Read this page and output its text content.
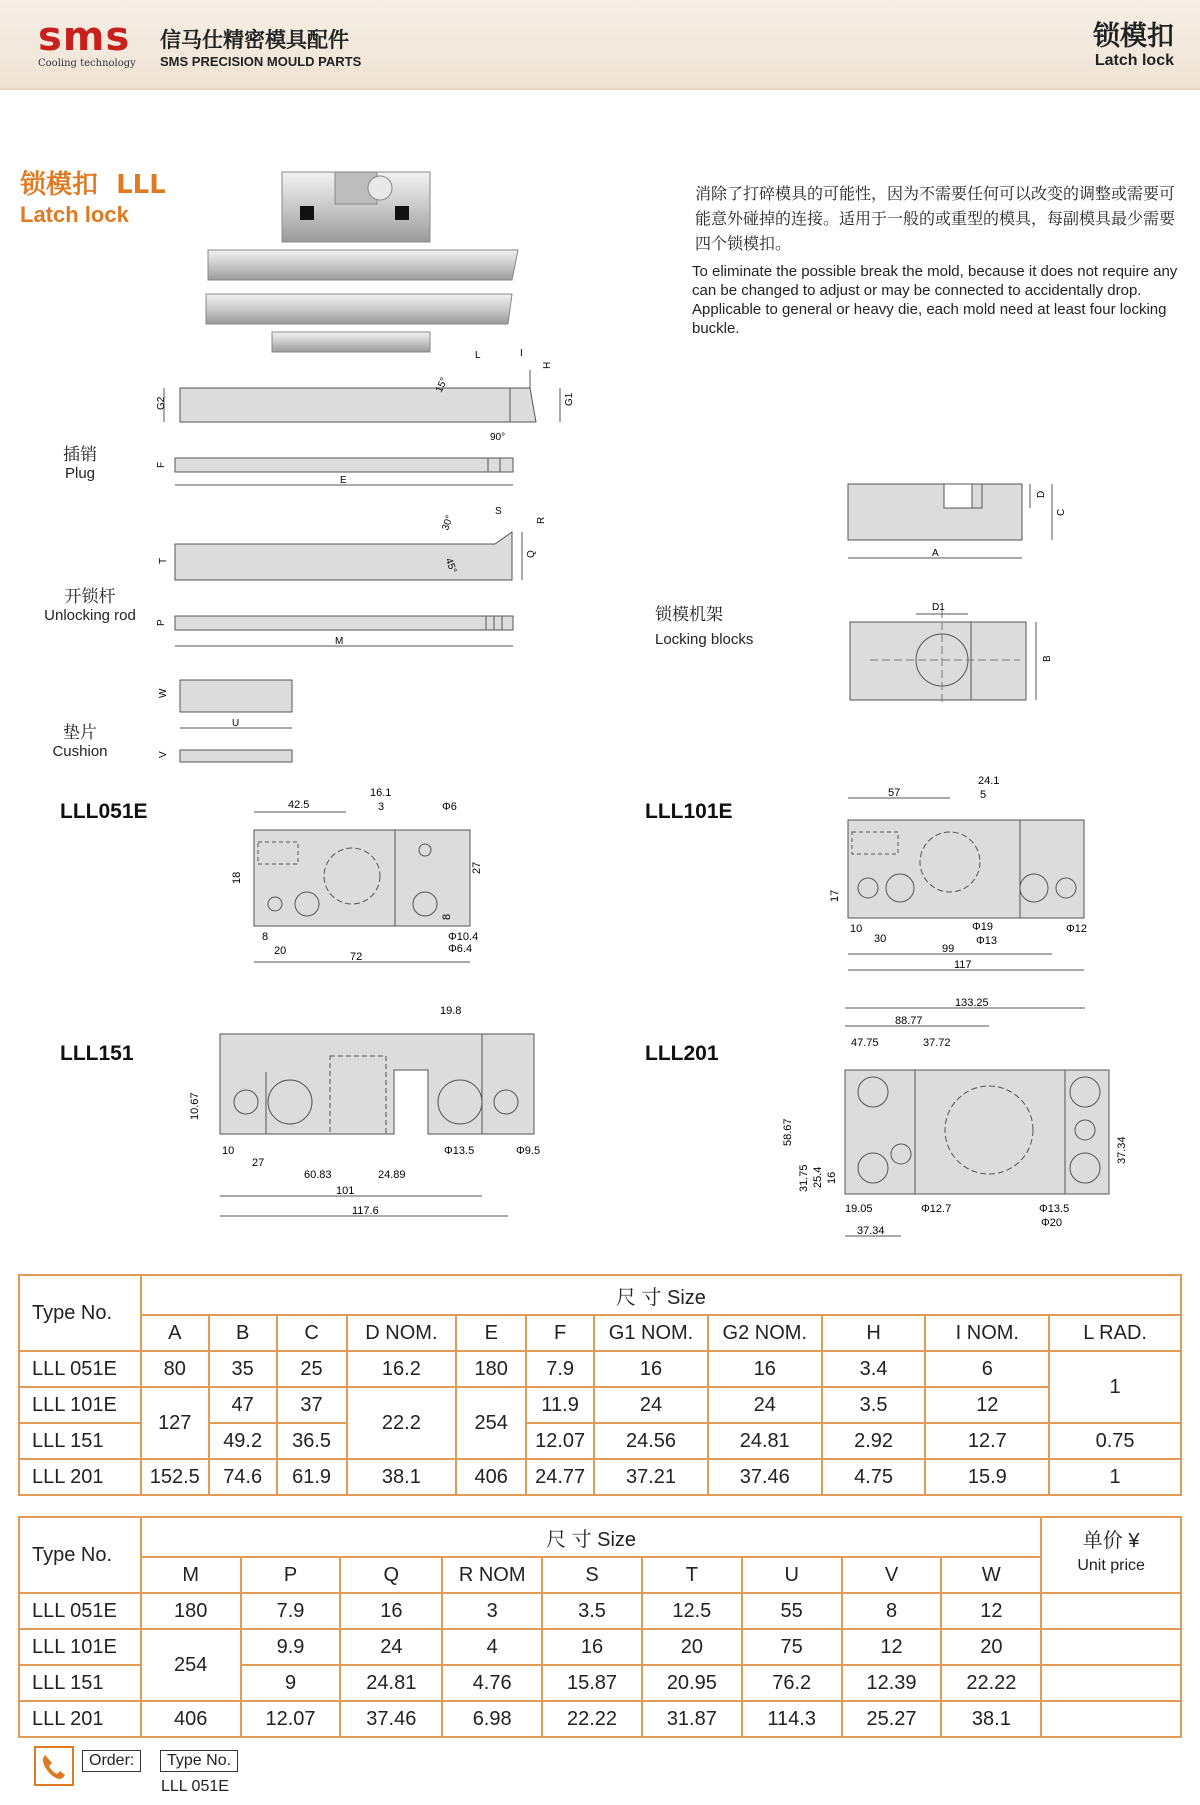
sms
Cooling technology
信马仕精密模具配件
SMS PRECISION MOULD PARTS
锁模扣
Latch lock
锁模扣  LLL
Latch lock
消除了打碎模具的可能性，因为不需要任何可以改变的调整或需要可能意外碰掉的连接。适用于一般的或重型的模具，每副模具最少需要四个锁模扣。
To eliminate the possible break the mold, because it does not require any can be changed to adjust or may be connected to accidentally drop. Applicable to general or heavy die, each mold need at least four locking buckle.
G2	G1
L
H
I
15°
90°
F
E
插销
Plug
30°
S
R
45°
T
Q
P
M
开锁杆
Unlocking rod
W
U
V
垫片
Cushion
D
C
A
D1
B
锁模机架
Locking blocks
LLL051E	42.5
16.1
3	Φ6
18
27
8
8
20
Φ10.4
Φ6.4
72
LLL101E
57
24.1
5
17
10
30
Φ19
Φ13
Φ12
99
117
LLL151
19.8
10.67
10
27
60.83	24.89
Φ13.5	Φ9.5
101
117.6
LLL201
133.25
88.77
47.75	37.72
58.67
31.75 25.4 16
37.34
19.05	Φ12.7	Φ13.5
Φ20
37.34
Type No.	尺 寸 Size										
	A	B	C	D NOM.	E	F	G1 NOM.	G2 NOM.	H	I NOM.	L RAD.
LLL 051E	80	35	25	16.2	180	7.9	16	16	3.4	6	1
LLL 101E	127	47	37	22.2	254	11.9	24	24	3.5	12	
LLL 151		49.2	36.5			12.07	24.56	24.81	2.92	12.7	0.75
LLL 201	152.5	74.6	61.9	38.1	406	24.77	37.21	37.46	4.75	15.9	1
Type No.	尺 寸 Size									单价 ¥
Unit price

	M	P	Q	R NOM	S	T	U	V	W	
LLL 051E	180	7.9	16	3	3.5	12.5	55	8	12	
LLL 101E	254	9.9	24	4	16	20	75	12	20	
LLL 151		9	24.81	4.76	15.87	20.95	76.2	12.39	22.22	
LLL 201	406	12.07	37.46	6.98	22.22	31.87	114.3	25.27	38.1	
Order:	Type No.
LLL 051E
